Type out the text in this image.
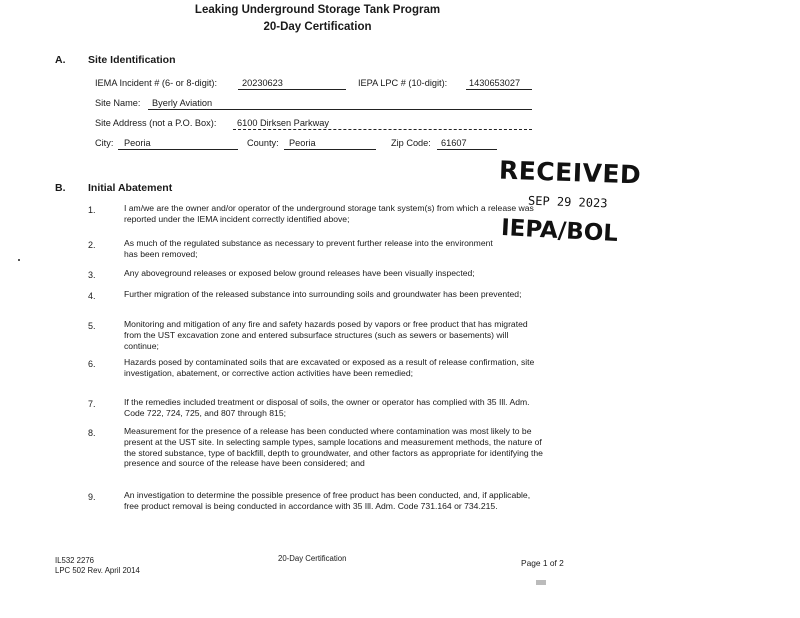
Leaking Underground Storage Tank Program
20-Day Certification
A. Site Identification
IEMA Incident # (6- or 8-digit):	20230623	IEPA LPC # (10-digit): 1430653027
Site Name: Byerly Aviation
Site Address (not a P.O. Box): 6100 Dirksen Parkway
City: Peoria	County: Peoria	Zip Code: 61607
RECEIVED
SEP 29 2023
IEPA/BOL
B. Initial Abatement
1.	I am/we are the owner and/or operator of the underground storage tank system(s) from which a release was reported under the IEMA incident correctly identified above;
2.	As much of the regulated substance as necessary to prevent further release into the environment has been removed;
3.	Any aboveground releases or exposed below ground releases have been visually inspected;
4.	Further migration of the released substance into surrounding soils and groundwater has been prevented;
5.	Monitoring and mitigation of any fire and safety hazards posed by vapors or free product that has migrated from the UST excavation zone and entered subsurface structures (such as sewers or basements) will continue;
6.	Hazards posed by contaminated soils that are excavated or exposed as a result of release confirmation, site investigation, abatement, or corrective action activities have been remedied;
7.	If the remedies included treatment or disposal of soils, the owner or operator has complied with 35 Ill. Adm. Code 722, 724, 725, and 807 through 815;
8.	Measurement for the presence of a release has been conducted where contamination was most likely to be present at the UST site. In selecting sample types, sample locations and measurement methods, the nature of the stored substance, type of backfill, depth to groundwater, and other factors as appropriate for identifying the presence and source of the release have been considered; and
9.	An investigation to determine the possible presence of free product has been conducted, and, if applicable, free product removal is being conducted in accordance with 35 Ill. Adm. Code 731.164 or 734.215.
IL532 2276
LPC 502 Rev. April 2014
20-Day Certification	Page 1 of 2
